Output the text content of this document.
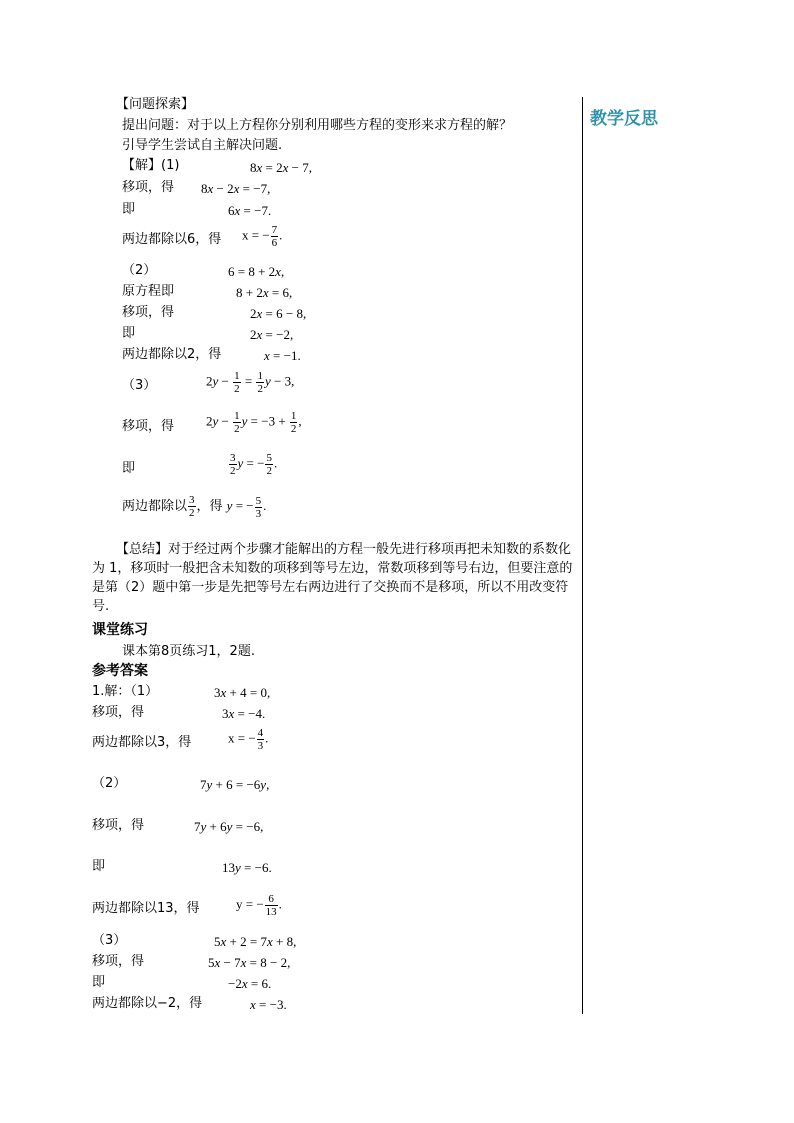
教学反思
【问题探索】
提出问题：对于以上方程你分别利用哪些方程的变形来求方程的解？
引导学生尝试自主解决问题.
【解】(1)	8x = 2x − 7,
移项，得 8x − 2x = −7,
即	6x = −7.
两边都除以6，得 x = − $\frac{7}{6}$ .
（2）	6 = 8 + 2x,
原方程即	8 + 2x = 6,
移项，得	2x = 6 − 8,
即	2x = −2,
两边都除以2，得	x = −1.
（3）	$2y - \frac{1}{2} = \frac{1}{2}$ y − 3,
移项，得 $2y - \frac{1}{2}$ $y = -3 + \frac{1}{2}$ ,
即	$\frac{3}{2}$ y = − $\frac{5}{2}$ .
两边都除以 $\frac{3}{2}$ ，得 y = − $\frac{5}{3}$ .
【总结】对于经过两个步骤才能解出的方程一般先进行移项再把未知数的系数化为 1，移项时一般把含未知数的项移到等号左边，常数项移到等号右边，但要注意的是第（2）题中第一步是先把等号左右两边进行了交换而不是移项，所以不用改变符号.
课堂练习
课本第8页练习1，2题.
参考答案
1.解：（1）	3x + 4 = 0,
移项，得	3x = −4.
两边都除以3，得	x = − $\frac{4}{3}$ .
（2）	7y + 6 = −6y,
移项，得	7y + 6y = −6,
即	13y = −6.
两边都除以13，得	y = − $\frac{6}{13}$ .
（3）	5x + 2 = 7x + 8,
移项，得	5x − 7x = 8 − 2,
即	−2x = 6.
两边都除以−2，得	x = −3.
